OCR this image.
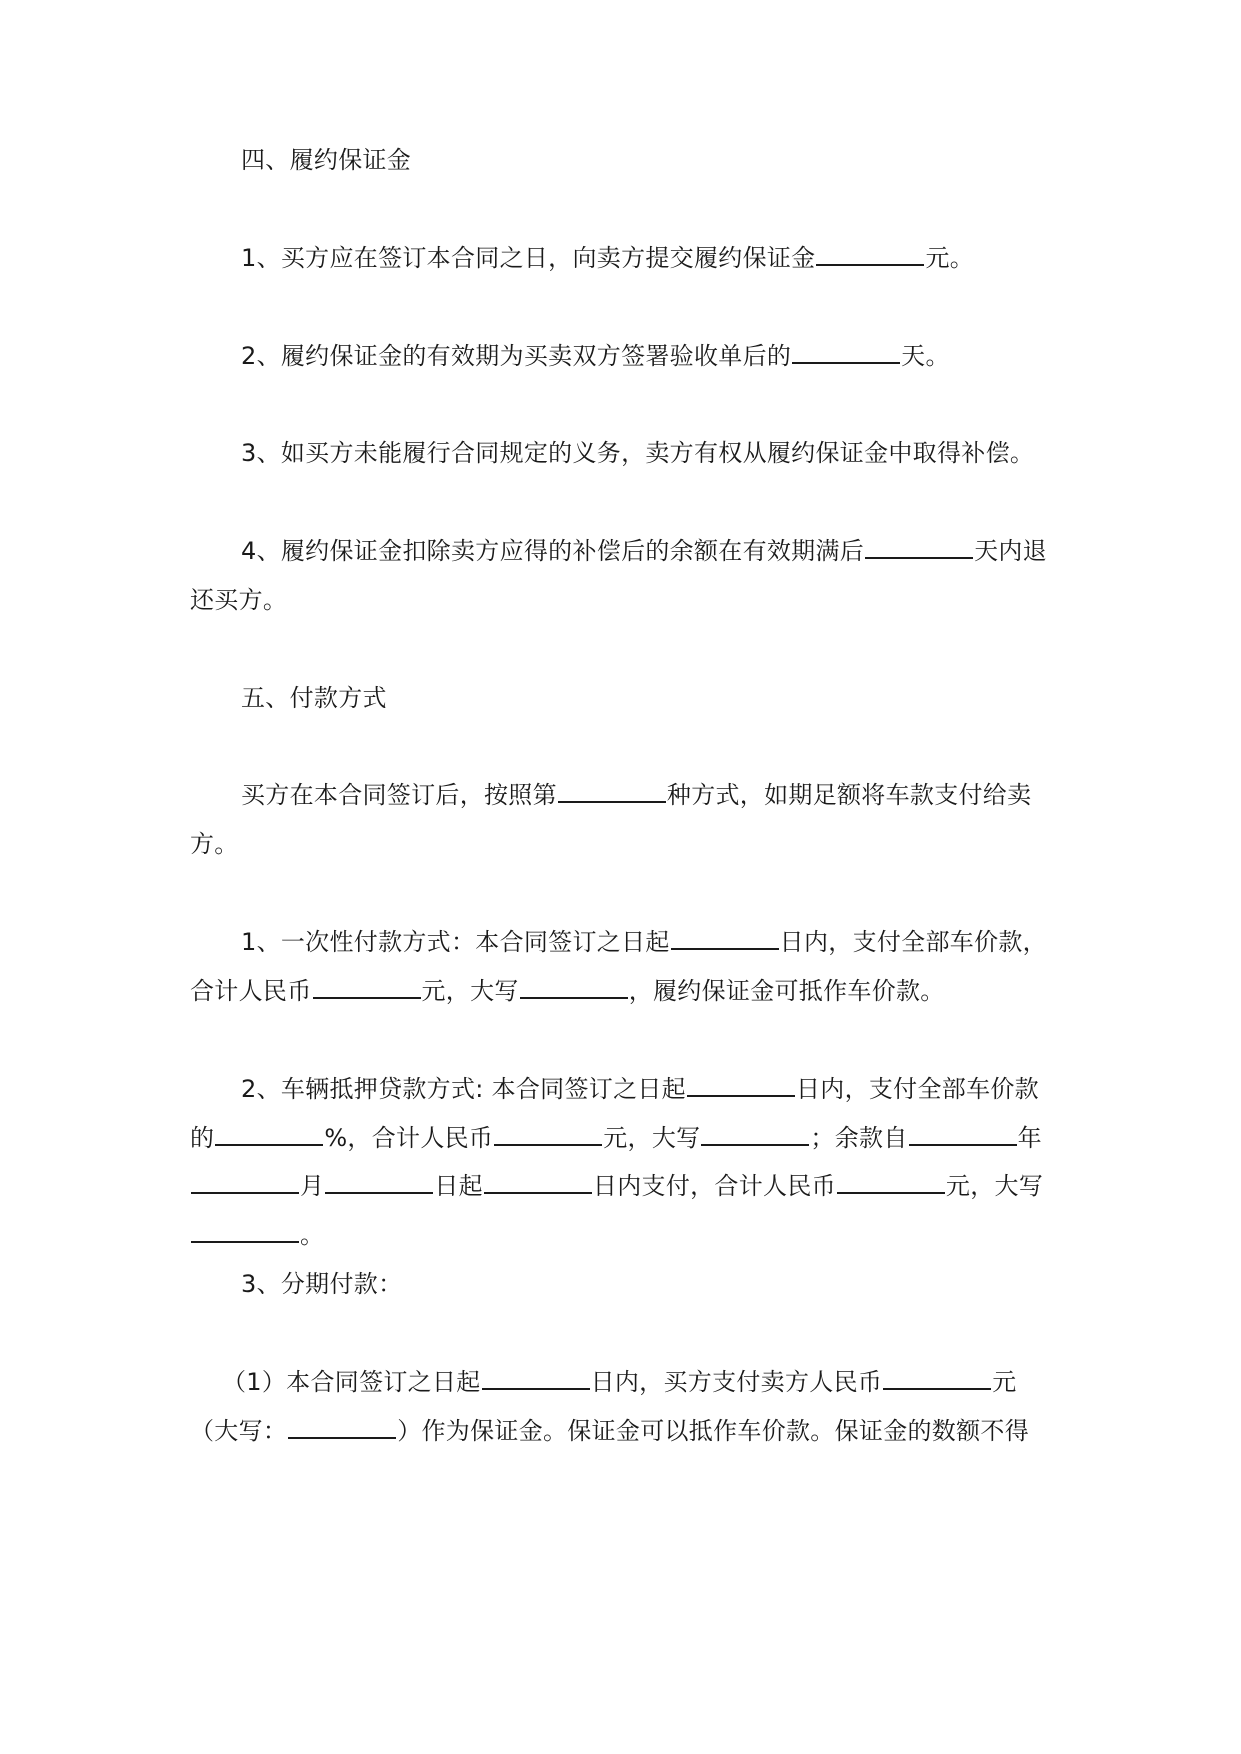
四、履约保证金
1、买方应在签订本合同之日，向卖方提交履约保证金	元。
2、履约保证金的有效期为买卖双方签署验收单后的	天。
3、如买方未能履行合同规定的义务，卖方有权从履约保证金中取得补偿。
4、履约保证金扣除卖方应得的补偿后的余额在有效期满后	天内退
还买方。
五、付款方式
买方在本合同签订后，按照第	种方式，如期足额将车款支付给卖
方。
1、一次性付款方式：本合同签订之日起	日内，支付全部车价款，
合计人民币	元，大写	，履约保证金可抵作车价款。
2、车辆抵押贷款方式: 本合同签订之日起	日内，支付全部车价款
的	%，合计人民币	元，大写	；余款自	年
月	日起	日内支付，合计人民币	元，大写
。
3、分期付款：
（1）本合同签订之日起	日内，买方支付卖方人民币	元
（大写：	）作为保证金。保证金可以抵作车价款。保证金的数额不得
